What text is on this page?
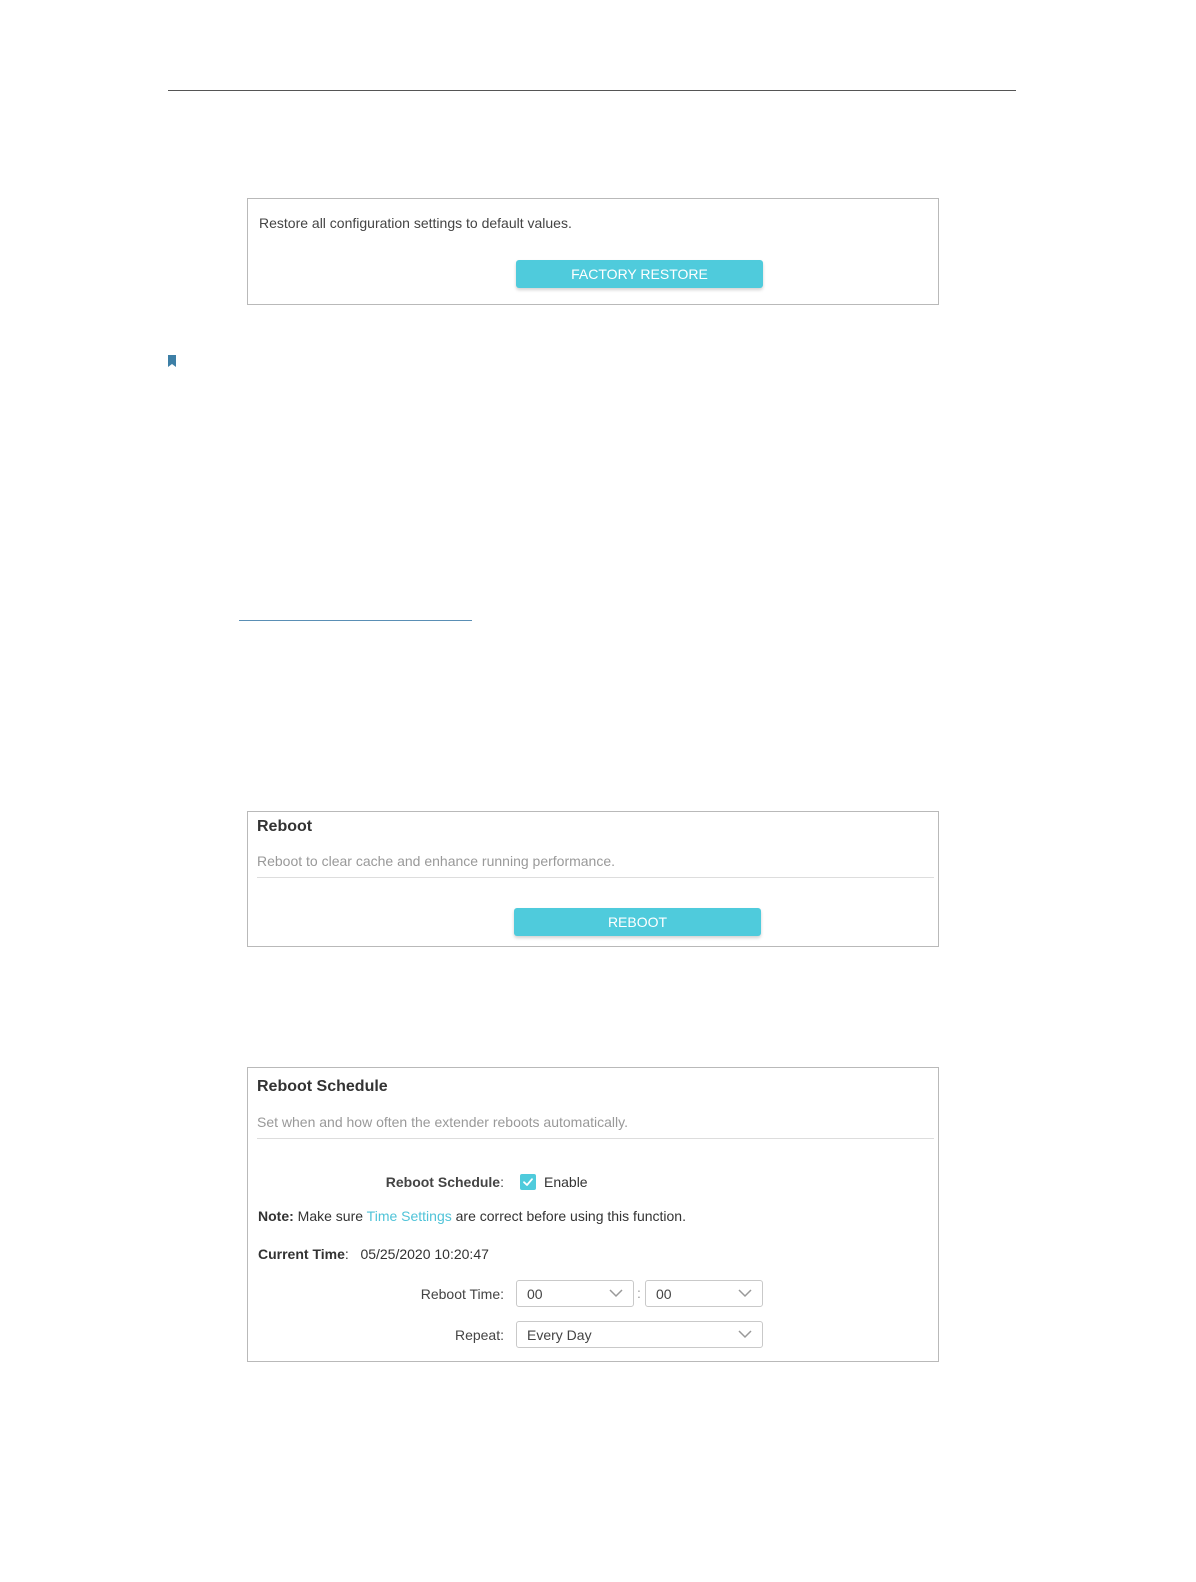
Restore all configuration settings to default values.
FACTORY RESTORE
Reboot
Reboot to clear cache and enhance running performance.
REBOOT
Reboot Schedule
Set when and how often the extender reboots automatically.
Reboot Schedule:	Enable
Note: Make sure Time Settings are correct before using this function.
Current Time:   05/25/2020 10:20:47
Reboot Time: 00	: 00
Repeat: Every Day
